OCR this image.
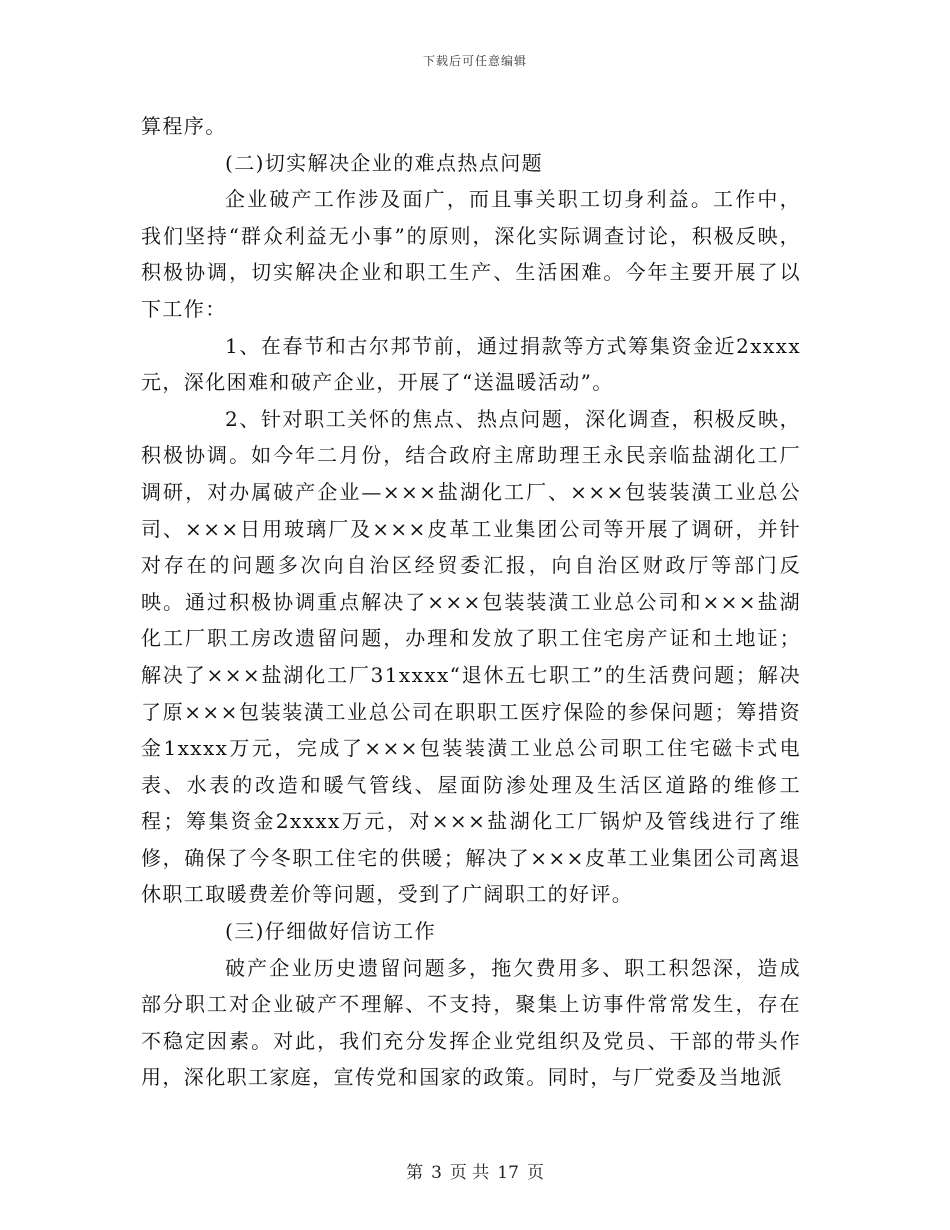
下载后可任意编辑

算程序。

(二)切实解决企业的难点热点问题

企业破产工作涉及面广，而且事关职工切身利益。工作中，我们坚持“群众利益无小事”的原则，深化实际调查讨论，积极反映，积极协调，切实解决企业和职工生产、生活困难。今年主要开展了以下工作：

1、在春节和古尔邦节前，通过捐款等方式筹集资金近2xxxx元，深化困难和破产企业，开展了“送温暖活动”。

2、针对职工关怀的焦点、热点问题，深化调查，积极反映，积极协调。如今年二月份，结合政府主席助理王永民亲临盐湖化工厂调研，对办属破产企业—×××盐湖化工厂、×××包装装潢工业总公司、×××日用玻璃厂及×××皮革工业集团公司等开展了调研，并针对存在的问题多次向自治区经贸委汇报，向自治区财政厅等部门反映。通过积极协调重点解决了×××包装装潢工业总公司和×××盐湖化工厂职工房改遗留问题，办理和发放了职工住宅房产证和土地证；解决了×××盐湖化工厂31xxxx“退休五七职工”的生活费问题；解决了原×××包装装潢工业总公司在职职工医疗保险的参保问题；筹措资金1xxxx万元，完成了×××包装装潢工业总公司职工住宅磁卡式电表、水表的改造和暖气管线、屋面防渗处理及生活区道路的维修工程；筹集资金2xxxx万元，对×××盐湖化工厂锅炉及管线进行了维修，确保了今冬职工住宅的供暖；解决了×××皮革工业集团公司离退休职工取暖费差价等问题，受到了广阔职工的好评。

(三)仔细做好信访工作

破产企业历史遗留问题多，拖欠费用多、职工积怨深，造成部分职工对企业破产不理解、不支持，聚集上访事件常常发生，存在不稳定因素。对此，我们充分发挥企业党组织及党员、干部的带头作用，深化职工家庭，宣传党和国家的政策。同时，与厂党委及当地派

第 3 页 共 17 页
